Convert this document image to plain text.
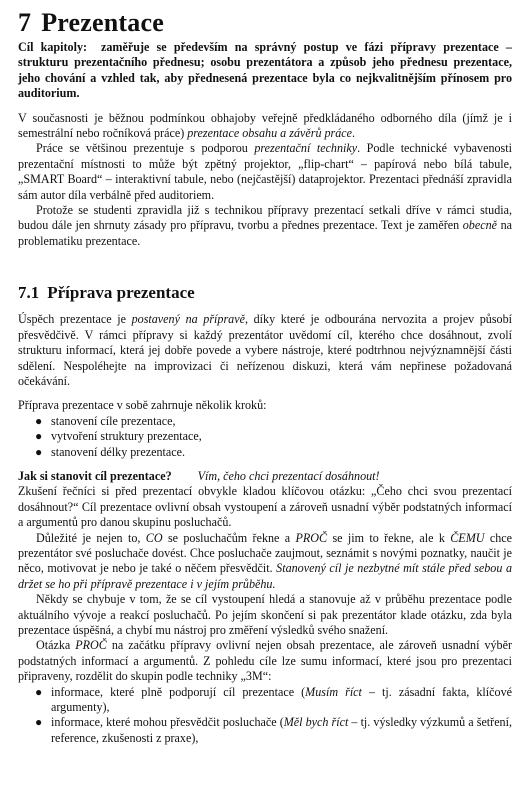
7 Prezentace
Cíl kapitoly: zaměřuje se především na správný postup ve fázi přípravy prezentace – strukturu prezentačního přednesu; osobu prezentátora a způsob jeho přednesu prezentace, jeho chování a vzhled tak, aby přednesená prezentace byla co nejkvalitnějším přínosem pro auditorium.

V současnosti je běžnou podmínkou obhajoby veřejně předkládaného odborného díla (jímž je i semestrální nebo ročníková práce) prezentace obsahu a závěrů práce.

Práce se většinou prezentuje s podporou prezentační techniky. Podle technické vybavenosti prezentační místnosti to může být zpětný projektor, „flip-chart“ – papírová nebo bílá tabule, „SMART Board“ – interaktivní tabule, nebo (nejčastější) dataprojektor. Prezentaci přednáší zpravidla sám autor díla verbálně před auditoriem.

Protože se studenti zpravidla již s technikou přípravy prezentací setkali dříve v rámci studia, budou dále jen shrnuty zásady pro přípravu, tvorbu a přednes prezentace. Text je zaměřen obecně na problematiku prezentace.

7.1 Příprava prezentace

Úspěch prezentace je postavený na přípravě, díky které je odbourána nervozita a projev působí přesvědčivě. V rámci přípravy si každý prezentátor uvědomí cíl, kterého chce dosáhnout, zvolí strukturu informací, která jej dobře povede a vybere nástroje, které podtrhnou nejvýznamnější části sdělení. Nespoléhejte na improvizaci či neřízenou diskuzi, která vám nepřinese požadovaná očekávání.

Příprava prezentace v sobě zahrnuje několik kroků:

● stanovení cíle prezentace,
● vytvoření struktury prezentace,
● stanovení délky prezentace.

Jak si stanovit cíl prezentace? Vím, čeho chci prezentací dosáhnout!

Zkušení řečníci si před prezentací obvykle kladou klíčovou otázku: „Čeho chci svou prezentací dosáhnout?“ Cíl prezentace ovlivní obsah vystoupení a zároveň usnadní výběr podstatných informací a argumentů pro danou skupinu posluchačů.

Důležité je nejen to, CO se posluchačům řekne a PROČ se jim to řekne, ale k ČEMU chce prezentátor své posluchače dovést. Chce posluchače zaujmout, seznámit s novými poznatky, naučit je něco, motivovat je nebo je také o něčem přesvědčit. Stanovený cíl je nezbytné mít stále před sebou a držet se ho při přípravě prezentace i v jejím průběhu.

Někdy se chybuje v tom, že se cíl vystoupení hledá a stanovuje až v průběhu prezentace podle aktuálního vývoje a reakcí posluchačů. Po jejím skončení si pak prezentátor klade otázku, zda byla prezentace úspěšná, a chybí mu nástroj pro změření výsledků svého snažení.

Otázka PROČ na začátku přípravy ovlivní nejen obsah prezentace, ale zároveň usnadní výběr podstatných informací a argumentů. Z pohledu cíle lze sumu informací, které jsou pro prezentaci připraveny, rozdělit do skupin podle techniky „3M“:

● informace, které plně podporují cíl prezentace (Musím říct – tj. zásadní fakta, klíčové argumenty),
● informace, které mohou přesvědčit posluchače (Měl bych říct – tj. výsledky výzkumů a šetření, reference, zkušenosti z praxe),
